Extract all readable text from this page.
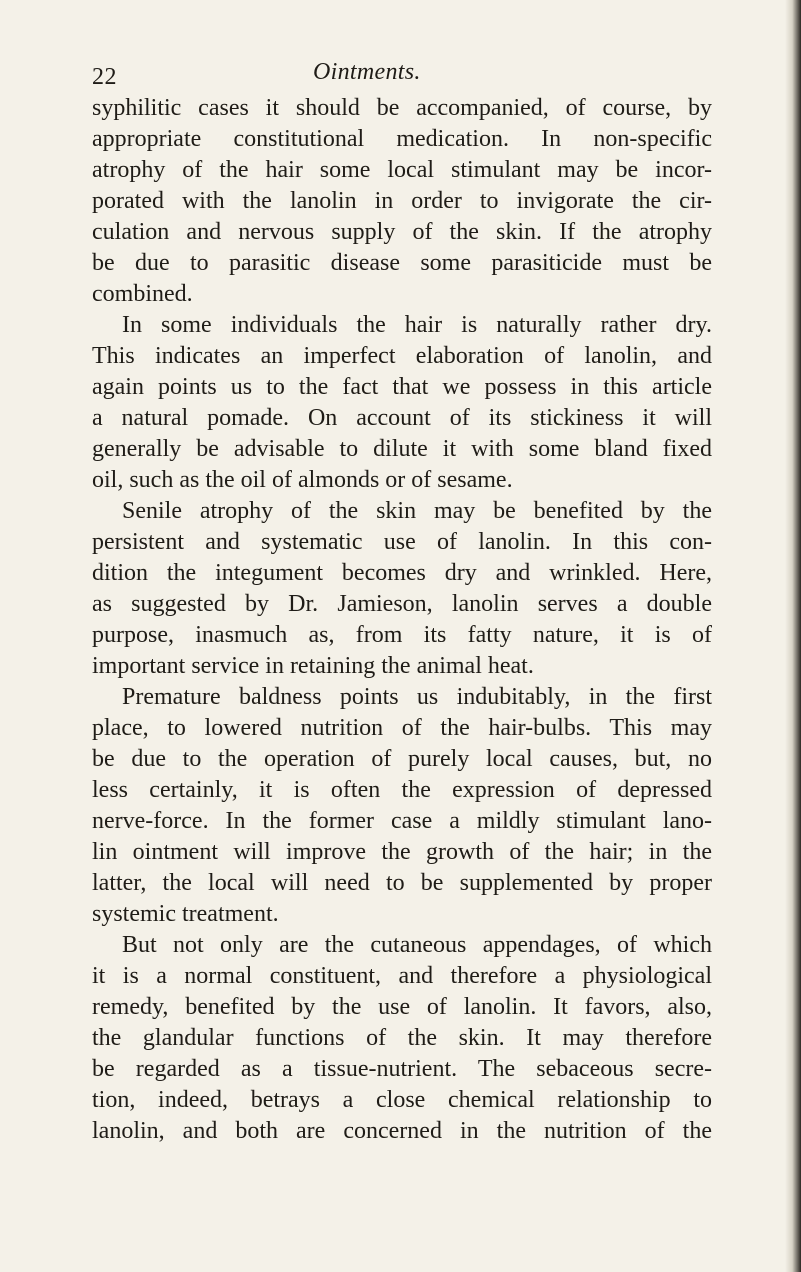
22	Ointments.
syphilitic cases it should be accompanied, of course, by
appropriate constitutional medication. In non-specific
atrophy of the hair some local stimulant may be incor-
porated with the lanolin in order to invigorate the cir-
culation and nervous supply of the skin. If the atrophy
be due to parasitic disease some parasiticide must be
combined.
In some individuals the hair is naturally rather dry.
This indicates an imperfect elaboration of lanolin, and
again points us to the fact that we possess in this article
a natural pomade. On account of its stickiness it will
generally be advisable to dilute it with some bland fixed
oil, such as the oil of almonds or of sesame.
Senile atrophy of the skin may be benefited by the
persistent and systematic use of lanolin. In this con-
dition the integument becomes dry and wrinkled. Here,
as suggested by Dr. Jamieson, lanolin serves a double
purpose, inasmuch as, from its fatty nature, it is of
important service in retaining the animal heat.
Premature baldness points us indubitably, in the first
place, to lowered nutrition of the hair-bulbs. This may
be due to the operation of purely local causes, but, no
less certainly, it is often the expression of depressed
nerve-force. In the former case a mildly stimulant lano-
lin ointment will improve the growth of the hair; in the
latter, the local will need to be supplemented by proper
systemic treatment.
But not only are the cutaneous appendages, of which
it is a normal constituent, and therefore a physiological
remedy, benefited by the use of lanolin. It favors, also,
the glandular functions of the skin. It may therefore
be regarded as a tissue-nutrient. The sebaceous secre-
tion, indeed, betrays a close chemical relationship to
lanolin, and both are concerned in the nutrition of the
